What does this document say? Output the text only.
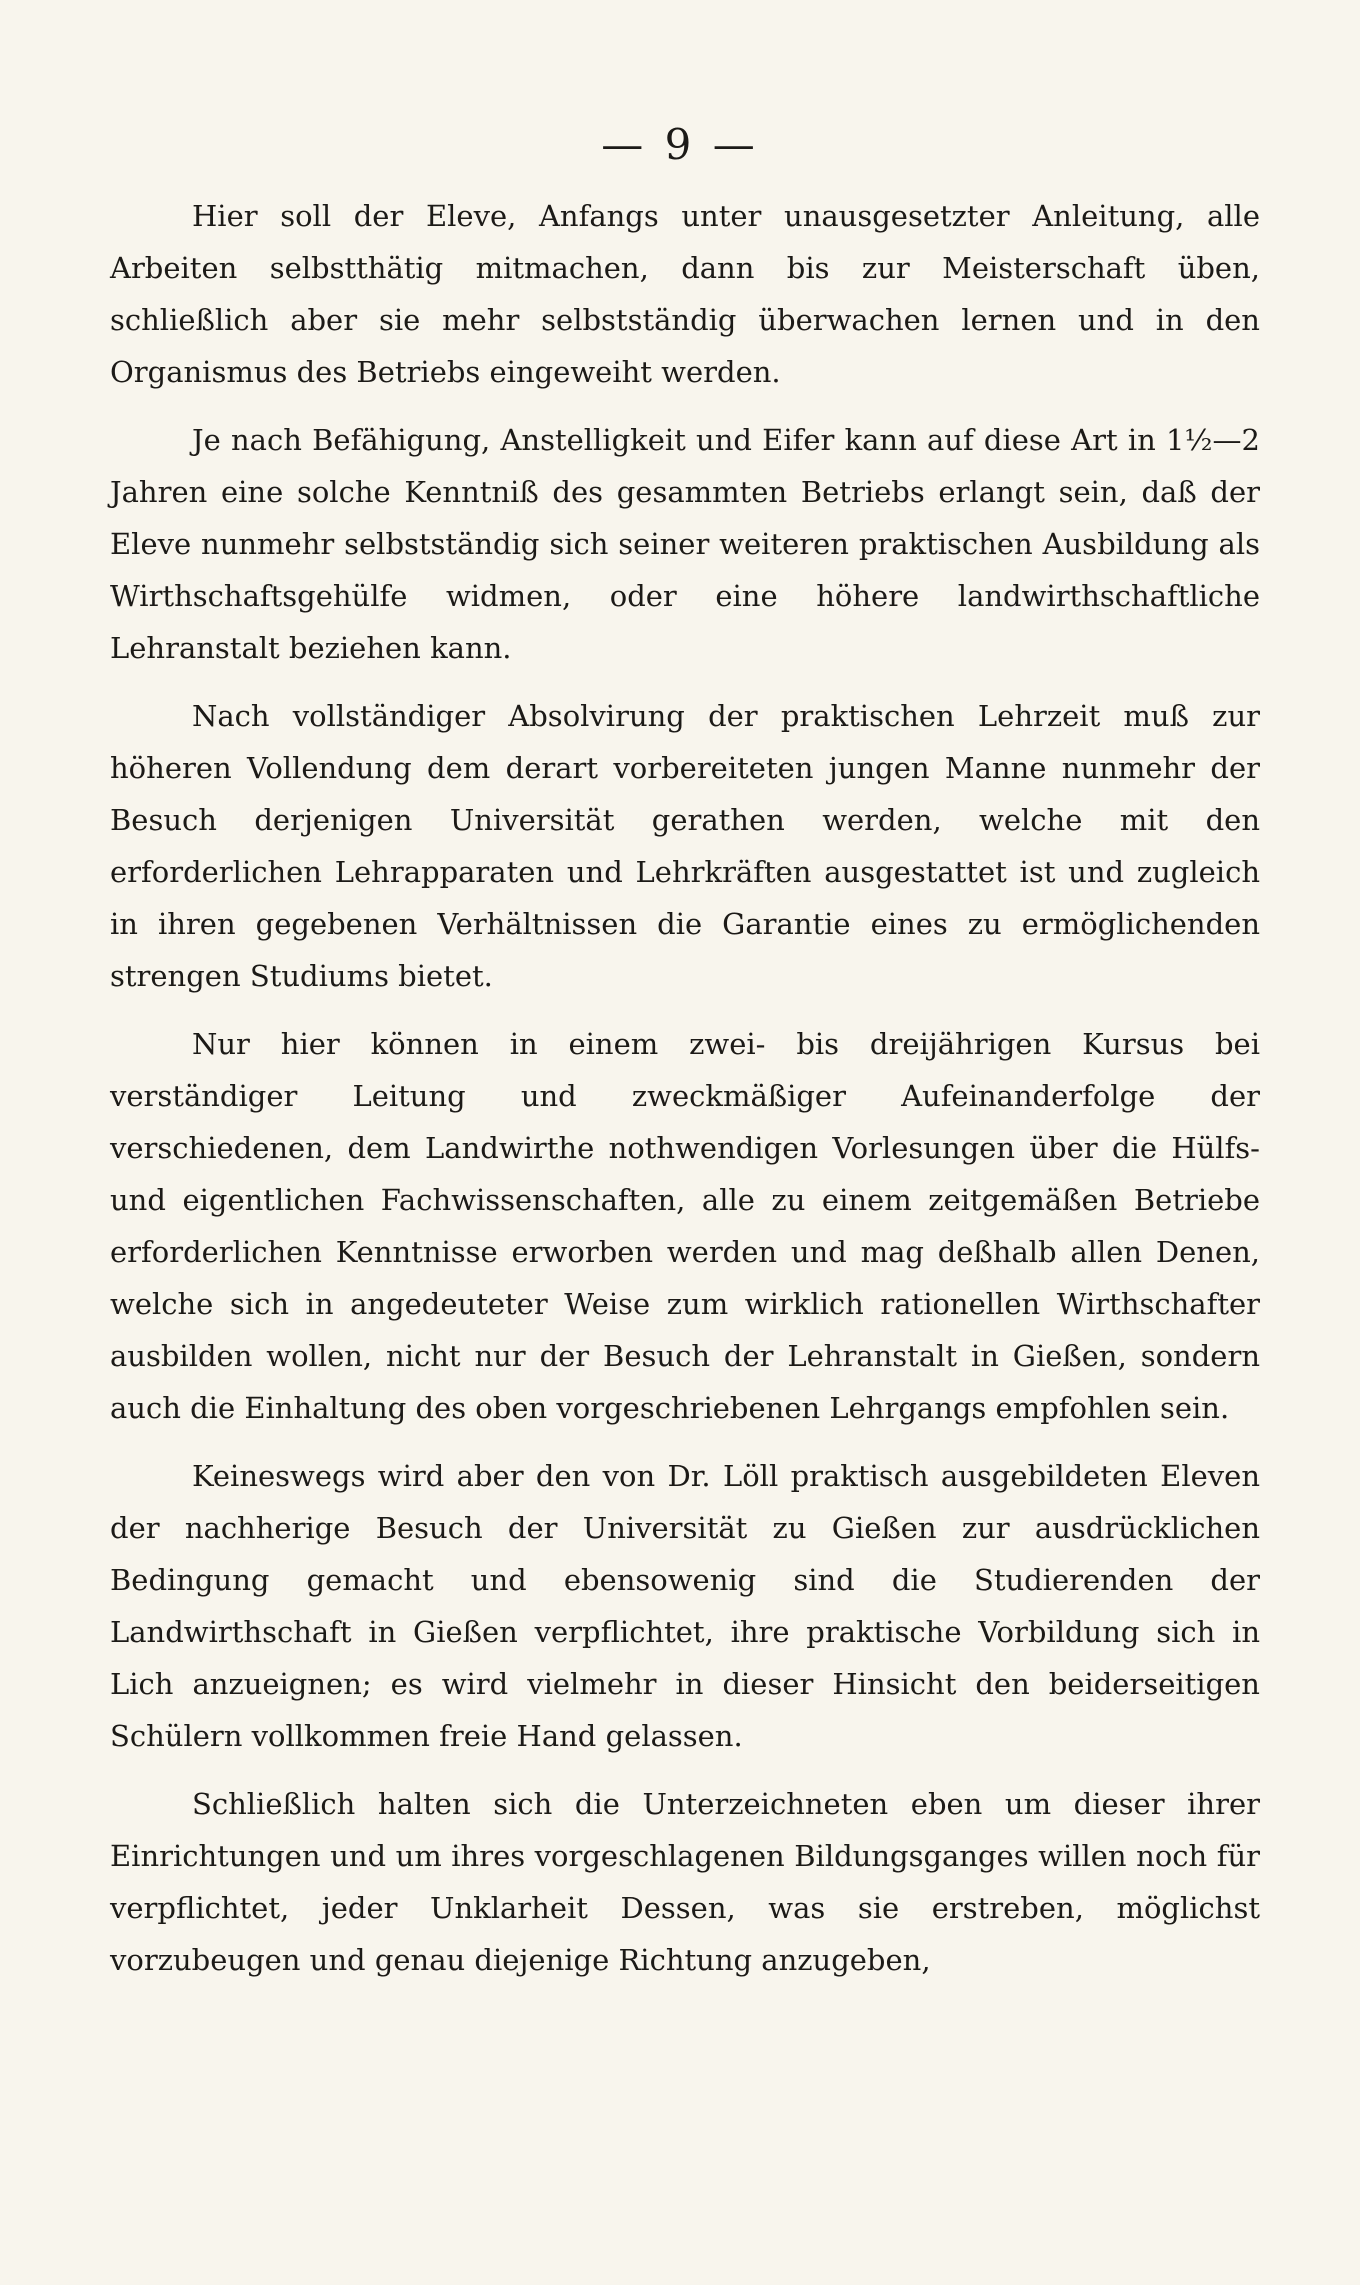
— 9 —

Hier soll der Eleve, Anfangs unter unausgesetzter Anleitung, alle Arbeiten selbstthätig mitmachen, dann bis zur Meisterschaft üben, schließlich aber sie mehr selbstständig überwachen lernen und in den Organismus des Betriebs eingeweiht werden.

Je nach Befähigung, Anstelligkeit und Eifer kann auf diese Art in 1½—2 Jahren eine solche Kenntniß des gesammten Betriebs erlangt sein, daß der Eleve nunmehr selbstständig sich seiner weiteren praktischen Ausbildung als Wirthschaftsgehülfe widmen, oder eine höhere landwirthschaftliche Lehranstalt beziehen kann.

Nach vollständiger Absolvirung der praktischen Lehrzeit muß zur höheren Vollendung dem derart vorbereiteten jungen Manne nunmehr der Besuch derjenigen Universität gerathen werden, welche mit den erforderlichen Lehrapparaten und Lehrkräften ausgestattet ist und zugleich in ihren gegebenen Verhältnissen die Garantie eines zu ermöglichenden strengen Studiums bietet.

Nur hier können in einem zwei- bis dreijährigen Kursus bei verständiger Leitung und zweckmäßiger Aufeinanderfolge der verschiedenen, dem Landwirthe nothwendigen Vorlesungen über die Hülfs- und eigentlichen Fachwissenschaften, alle zu einem zeitgemäßen Betriebe erforderlichen Kenntnisse erworben werden und mag deßhalb allen Denen, welche sich in angedeuteter Weise zum wirklich rationellen Wirthschafter ausbilden wollen, nicht nur der Besuch der Lehranstalt in Gießen, sondern auch die Einhaltung des oben vorgeschriebenen Lehrgangs empfohlen sein.

Keineswegs wird aber den von Dr. Löll praktisch ausgebildeten Eleven der nachherige Besuch der Universität zu Gießen zur ausdrücklichen Bedingung gemacht und ebensowenig sind die Studierenden der Landwirthschaft in Gießen verpflichtet, ihre praktische Vorbildung sich in Lich anzueignen; es wird vielmehr in dieser Hinsicht den beiderseitigen Schülern vollkommen freie Hand gelassen.

Schließlich halten sich die Unterzeichneten eben um dieser ihrer Einrichtungen und um ihres vorgeschlagenen Bildungsganges willen noch für verpflichtet, jeder Unklarheit Dessen, was sie erstreben, möglichst vorzubeugen und genau diejenige Richtung anzugeben,
